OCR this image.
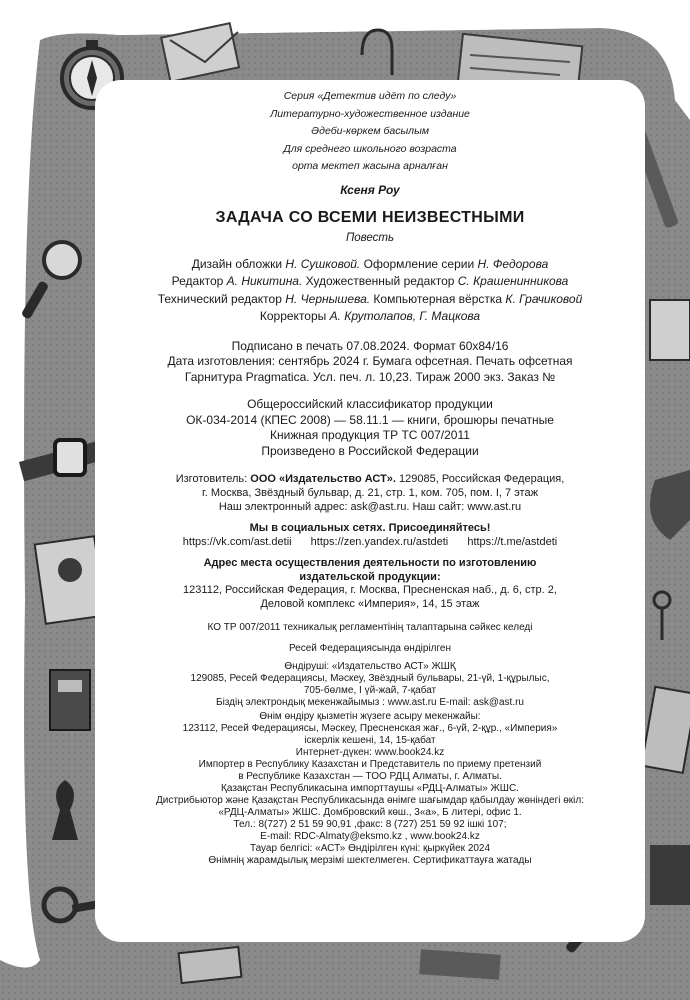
Серия «Детектив идёт по следу»
Литературно-художественное издание
Әдеби-көркем басылым
Для среднего школьного возраста
орта мектеп жасына арналған
Ксеня Роу
ЗАДАЧА СО ВСЕМИ НЕИЗВЕСТНЫМИ
Повесть
Дизайн обложки Н. Сушковой. Оформление серии Н. Федорова
Редактор А. Никитина. Художественный редактор С. Крашенинникова
Технический редактор Н. Чернышева. Компьютерная вёрстка К. Грачиковой
Корректоры А. Крутолапов, Г. Мацкова
Подписано в печать 07.08.2024. Формат 60x84/16
Дата изготовления: сентябрь 2024 г. Бумага офсетная. Печать офсетная
Гарнитура Pragmatica. Усл. печ. л. 10,23. Тираж 2000 экз. Заказ №
Общероссийский классификатор продукции
ОК-034-2014 (КПЕС 2008) — 58.11.1 — книги, брошюры печатные
Книжная продукция ТР ТС 007/2011
Произведено в Российской Федерации
Изготовитель: ООО «Издательство АСТ». 129085, Российская Федерация,
г. Москва, Звёздный бульвар, д. 21, стр. 1, ком. 705, пом. I, 7 этаж
Наш электронный адрес: ask@ast.ru. Наш сайт: www.ast.ru
Мы в социальных сетях. Присоединяйтесь!
https://vk.com/ast.detii https://zen.yandex.ru/astdeti https://t.me/astdeti
Адрес места осуществления деятельности по изготовлению
издательской продукции:
123112, Российская Федерация, г. Москва, Пресненская наб., д. 6, стр. 2,
Деловой комплекс «Империя», 14, 15 этаж
КО ТР 007/2011 техникалық регламентінің талаптарына сәйкес келеді
Ресей Федерациясында өндірілген
Өндіруші: «Издательство АСТ» ЖШҚ
129085, Ресей Федерациясы, Мәскеу, Звёздный бульвары, 21-үй, 1-құрылыс,
705-бөлме, I үй-жай, 7-қабат
Біздің электрондық мекенжайымыз : www.ast.ru E-mail: ask@ast.ru
Өнім өндіру қызметін жүзеге асыру мекенжайы:
123112, Ресей Федерациясы, Мәскеу, Пресненская жағ., 6-үй, 2-құр., «Империя»
іскерлік кешені, 14, 15-қабат
Интернет-дүкен: www.book24.kz
Импортер в Республику Казахстан и Представитель по приему претензий
в Республике Казахстан — ТОО РДЦ Алматы, г. Алматы.
Қазақстан Республикасына импорттаушы «РДЦ-Алматы» ЖШС.
Дистрибьютор және Қазақстан Республикасында өнімге шағымдар қабылдау жөніндегі өкіл:
«РДЦ-Алматы» ЖШС. Домбровский көш., 3«а», Б литері, офис 1.
Тел.: 8(727) 2 51 59 90,91 ,факс: 8 (727) 251 59 92 ішкі 107;
E-mail: RDC-Almaty@eksmo.kz , www.book24.kz
Тауар белгісі: «АСТ» Өндірілген күні: қыркүйек 2024
Өнімнің жарамдылық мерзімі шектелмеген. Сертификаттауға жатады
